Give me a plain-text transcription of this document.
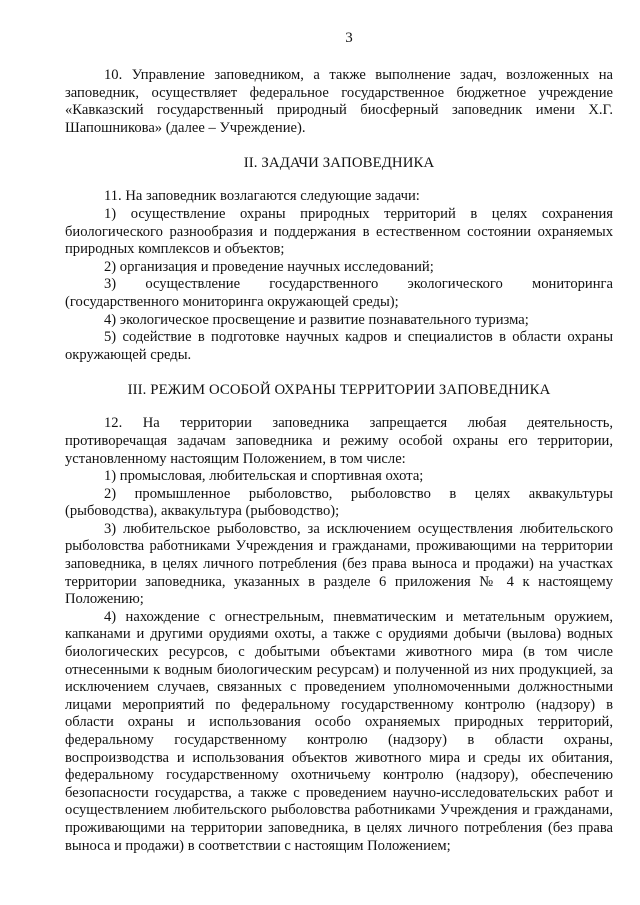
3

10. Управление заповедником, а также выполнение задач, возложенных на заповедник, осуществляет федеральное государственное бюджетное учреждение «Кавказский государственный природный биосферный заповедник имени Х.Г. Шапошникова» (далее – Учреждение).

II. ЗАДАЧИ ЗАПОВЕДНИКА

11. На заповедник возлагаются следующие задачи:

1) осуществление охраны природных территорий в целях сохранения биологического разнообразия и поддержания в естественном состоянии охраняемых природных комплексов и объектов;

2) организация и проведение научных исследований;

3) осуществление государственного экологического мониторинга (государственного мониторинга окружающей среды);

4) экологическое просвещение и развитие познавательного туризма;

5) содействие в подготовке научных кадров и специалистов в области охраны окружающей среды.

III. РЕЖИМ ОСОБОЙ ОХРАНЫ ТЕРРИТОРИИ ЗАПОВЕДНИКА

12. На территории заповедника запрещается любая деятельность, противоречащая задачам заповедника и режиму особой охраны его территории, установленному настоящим Положением, в том числе:

1) промысловая, любительская и спортивная охота;

2) промышленное рыболовство, рыболовство в целях аквакультуры (рыбоводства), аквакультура (рыбоводство);

3) любительское рыболовство, за исключением осуществления любительского рыболовства работниками Учреждения и гражданами, проживающими на территории заповедника, в целях личного потребления (без права выноса и продажи) на участках территории заповедника, указанных в разделе 6 приложения № 4 к настоящему Положению;

4) нахождение с огнестрельным, пневматическим и метательным оружием, капканами и другими орудиями охоты, а также с орудиями добычи (вылова) водных биологических ресурсов, с добытыми объектами животного мира (в том числе отнесенными к водным биологическим ресурсам) и полученной из них продукцией, за исключением случаев, связанных с проведением уполномоченными должностными лицами мероприятий по федеральному государственному контролю (надзору) в области охраны и использования особо охраняемых природных территорий, федеральному государственному контролю (надзору) в области охраны, воспроизводства и использования объектов животного мира и среды их обитания, федеральному государственному охотничьему контролю (надзору), обеспечению безопасности государства, а также с проведением научно-исследовательских работ и осуществлением любительского рыболовства работниками Учреждения и гражданами, проживающими на территории заповедника, в целях личного потребления (без права выноса и продажи) в соответствии с настоящим Положением;
